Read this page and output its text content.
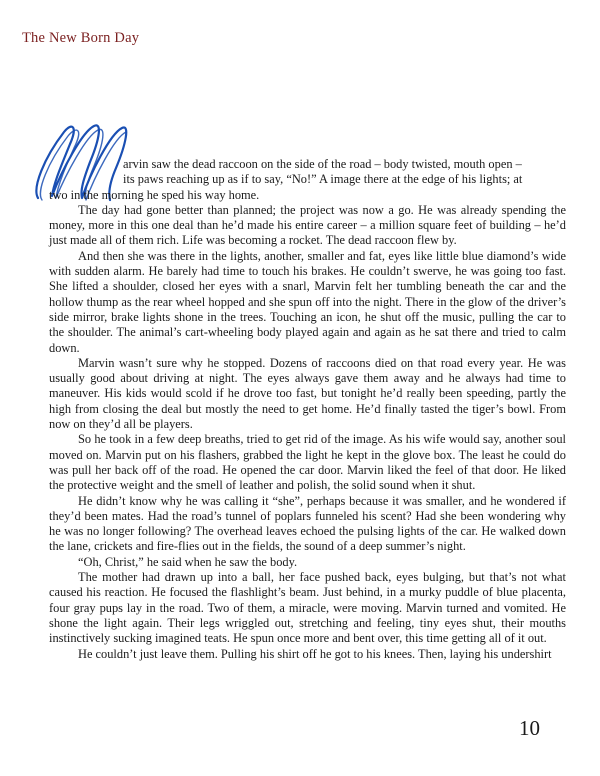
The New Born Day

arvin saw the dead raccoon on the side of the road – body twisted, mouth open –
its paws reaching up as if to say, “No!” A image there at the edge of his lights; at
two in the morning he sped his way home.

The day had gone better than planned; the project was now a go. He was already spending the money, more in this one deal than he’d made his entire career – a million square feet of building – he’d just made all of them rich. Life was becoming a rocket. The dead raccoon flew by.

And then she was there in the lights, another, smaller and fat, eyes like little blue diamond’s wide with sudden alarm. He barely had time to touch his brakes. He couldn’t swerve, he was going too fast. She lifted a shoulder, closed her eyes with a snarl, Marvin felt her tumbling beneath the car and the hollow thump as the rear wheel hopped and she spun off into the night. There in the glow of the driver’s side mirror, brake lights shone in the trees. Touching an icon, he shut off the music, pulling the car to the shoulder. The animal’s cart-wheeling body played again and again as he sat there and tried to calm down.

Marvin wasn’t sure why he stopped. Dozens of raccoons died on that road every year. He was usually good about driving at night. The eyes always gave them away and he always had time to maneuver. His kids would scold if he drove too fast, but tonight he’d really been speeding, partly the high from closing the deal but mostly the need to get home. He’d finally tasted the tiger’s bowl. From now on they’d all be players.

So he took in a few deep breaths, tried to get rid of the image. As his wife would say, another soul moved on. Marvin put on his flashers, grabbed the light he kept in the glove box. The least he could do was pull her back off of the road. He opened the car door. Marvin liked the feel of that door. He liked the protective weight and the smell of leather and polish, the solid sound when it shut.

He didn’t know why he was calling it “she”, perhaps because it was smaller, and he wondered if they’d been mates. Had the road’s tunnel of poplars funneled his scent? Had she been wondering why he was no longer following? The overhead leaves echoed the pulsing lights of the car. He walked down the lane, crickets and fire-flies out in the fields, the sound of a deep summer’s night.

“Oh, Christ,” he said when he saw the body.

The mother had drawn up into a ball, her face pushed back, eyes bulging, but that’s not what caused his reaction. He focused the flashlight’s beam. Just behind, in a murky puddle of blue placenta, four gray pups lay in the road. Two of them, a miracle, were moving. Marvin turned and vomited. He shone the light again. Their legs wriggled out, stretching and feeling, tiny eyes shut, their mouths instinctively sucking imagined teats. He spun once more and bent over, this time getting all of it out.

He couldn’t just leave them. Pulling his shirt off he got to his knees. Then, laying his undershirt

10
